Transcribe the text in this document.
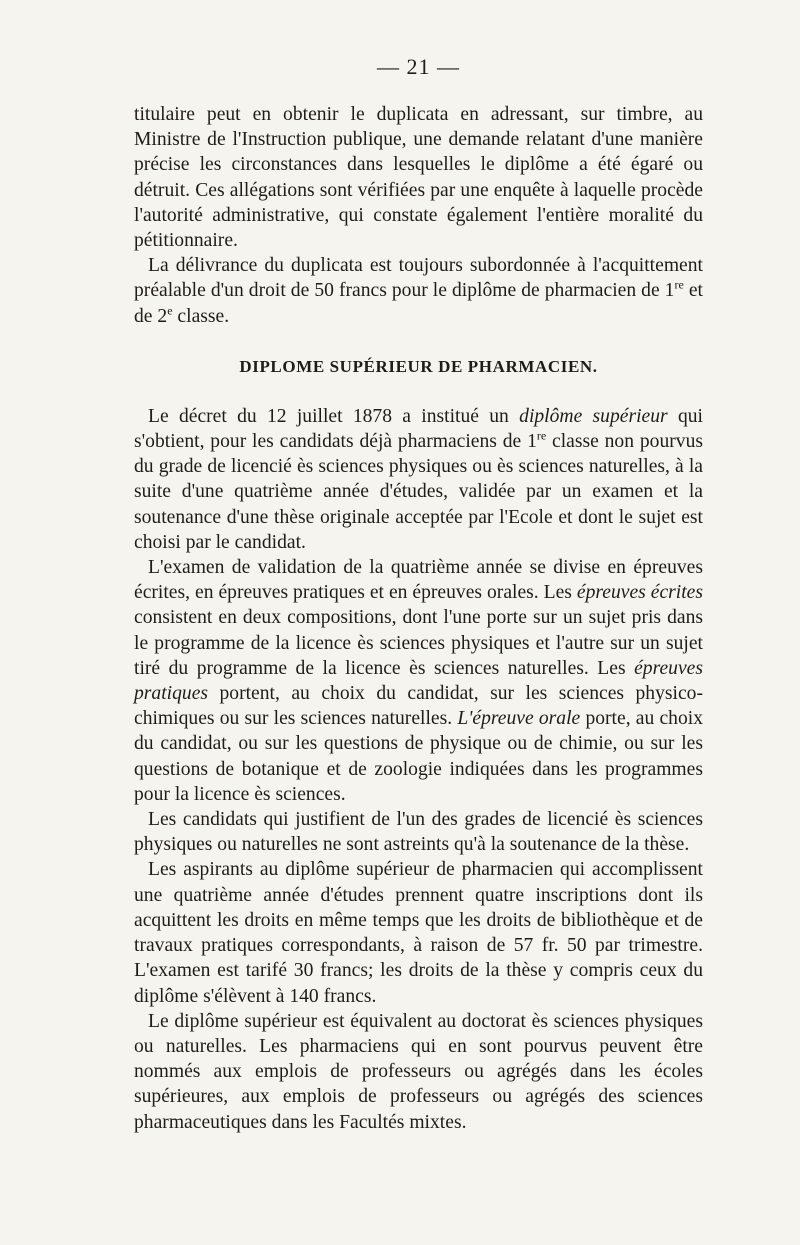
— 21 —

titulaire peut en obtenir le duplicata en adressant, sur timbre, au Ministre de l'Instruction publique, une demande relatant d'une manière précise les circonstances dans lesquelles le diplôme a été égaré ou détruit. Ces allégations sont vérifiées par une enquête à laquelle procède l'autorité administrative, qui constate également l'entière moralité du pétitionnaire.

La délivrance du duplicata est toujours subordonnée à l'acquittement préalable d'un droit de 50 francs pour le diplôme de pharmacien de 1re et de 2e classe.

DIPLOME SUPÉRIEUR DE PHARMACIEN.

Le décret du 12 juillet 1878 a institué un diplôme supérieur qui s'obtient, pour les candidats déjà pharmaciens de 1re classe non pourvus du grade de licencié ès sciences physiques ou ès sciences naturelles, à la suite d'une quatrième année d'études, validée par un examen et la soutenance d'une thèse originale acceptée par l'Ecole et dont le sujet est choisi par le candidat.

L'examen de validation de la quatrième année se divise en épreuves écrites, en épreuves pratiques et en épreuves orales. Les épreuves écrites consistent en deux compositions, dont l'une porte sur un sujet pris dans le programme de la licence ès sciences physiques et l'autre sur un sujet tiré du programme de la licence ès sciences naturelles. Les épreuves pratiques portent, au choix du candidat, sur les sciences physico-chimiques ou sur les sciences naturelles. L'épreuve orale porte, au choix du candidat, ou sur les questions de physique ou de chimie, ou sur les questions de botanique et de zoologie indiquées dans les programmes pour la licence ès sciences.

Les candidats qui justifient de l'un des grades de licencié ès sciences physiques ou naturelles ne sont astreints qu'à la soutenance de la thèse.

Les aspirants au diplôme supérieur de pharmacien qui accomplissent une quatrième année d'études prennent quatre inscriptions dont ils acquittent les droits en même temps que les droits de bibliothèque et de travaux pratiques correspondants, à raison de 57 fr. 50 par trimestre. L'examen est tarifé 30 francs; les droits de la thèse y compris ceux du diplôme s'élèvent à 140 francs.

Le diplôme supérieur est équivalent au doctorat ès sciences physiques ou naturelles. Les pharmaciens qui en sont pourvus peuvent être nommés aux emplois de professeurs ou agrégés dans les écoles supérieures, aux emplois de professeurs ou agrégés des sciences pharmaceutiques dans les Facultés mixtes.
